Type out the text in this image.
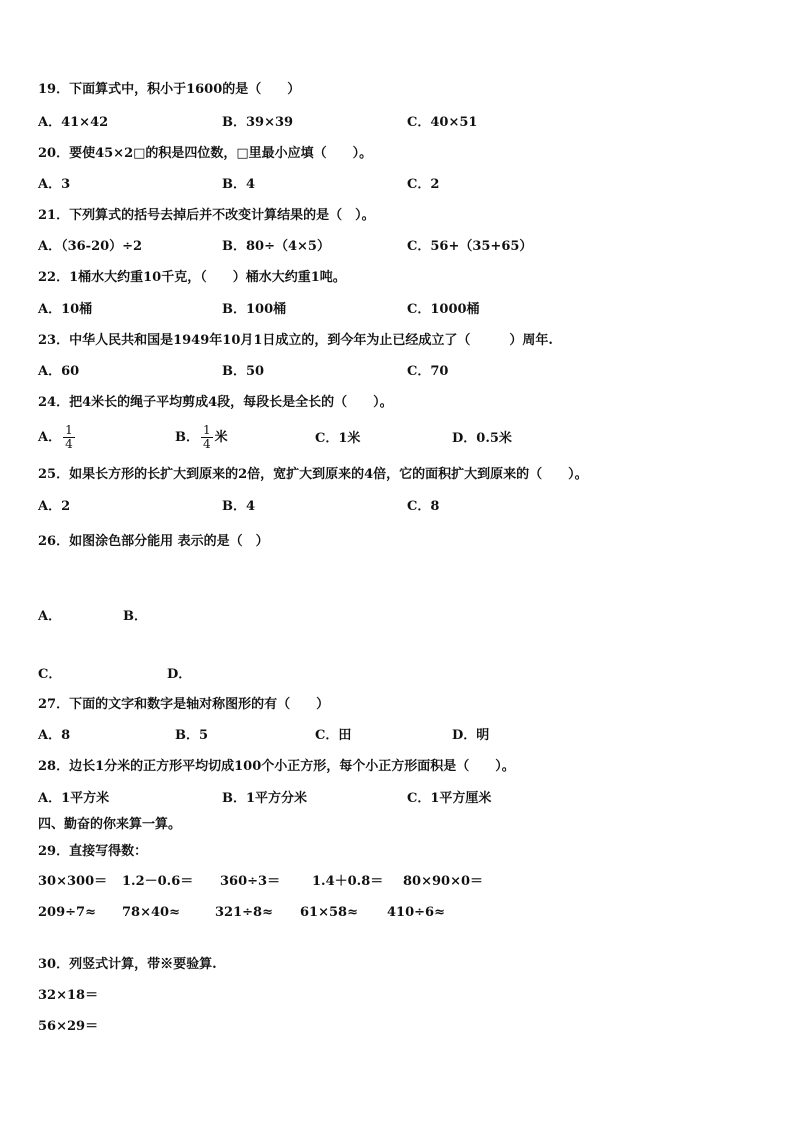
19．下面算式中，积小于1600的是（　　）
A．41×42	B．39×39	C．40×51
20．要使45×2□的积是四位数，□里最小应填（　　）。
A．3	B．4	C．2
21．下列算式的括号去掉后并不改变计算结果的是（　）。
A．（36-20）÷2	B．80÷（4×5）	C．56+（35+65）
22．1桶水大约重10千克，（　　）桶水大约重1吨。
A．10桶	B．100桶	C．1000桶
23．中华人民共和国是1949年10月1日成立的，到今年为止已经成立了（　　　）周年.
A．60	B．50	C．70
24．把4米长的绳子平均剪成4段，每段长是全长的（　　）。
A． $\frac{1}{4}$	B． $\frac{1}{4}$ 米	C．1米	D．0.5米
25．如果长方形的长扩大到原来的2倍，宽扩大到原来的4倍，它的面积扩大到原来的（　　）。
A．2	B．4	C．8
26．如图涂色部分能用 表示的是（　）
A．	B．
C．	D．
27．下面的文字和数字是轴对称图形的有（　　）
A．8	B．5	C．田	D．明
28．边长1分米的正方形平均切成100个小正方形，每个小正方形面积是（　　）。
A．1平方米	B．1平方分米	C．1平方厘米
四、勤奋的你来算一算。
29．直接写得数：
30×300＝ 1.2－0.6＝ 360÷3＝ 1.4＋0.8＝ 80×90×0＝
209÷7≈ 78×40≈	321÷8≈ 61×58≈ 410÷6≈
30．列竖式计算，带※要验算.
32×18＝
56×29＝
